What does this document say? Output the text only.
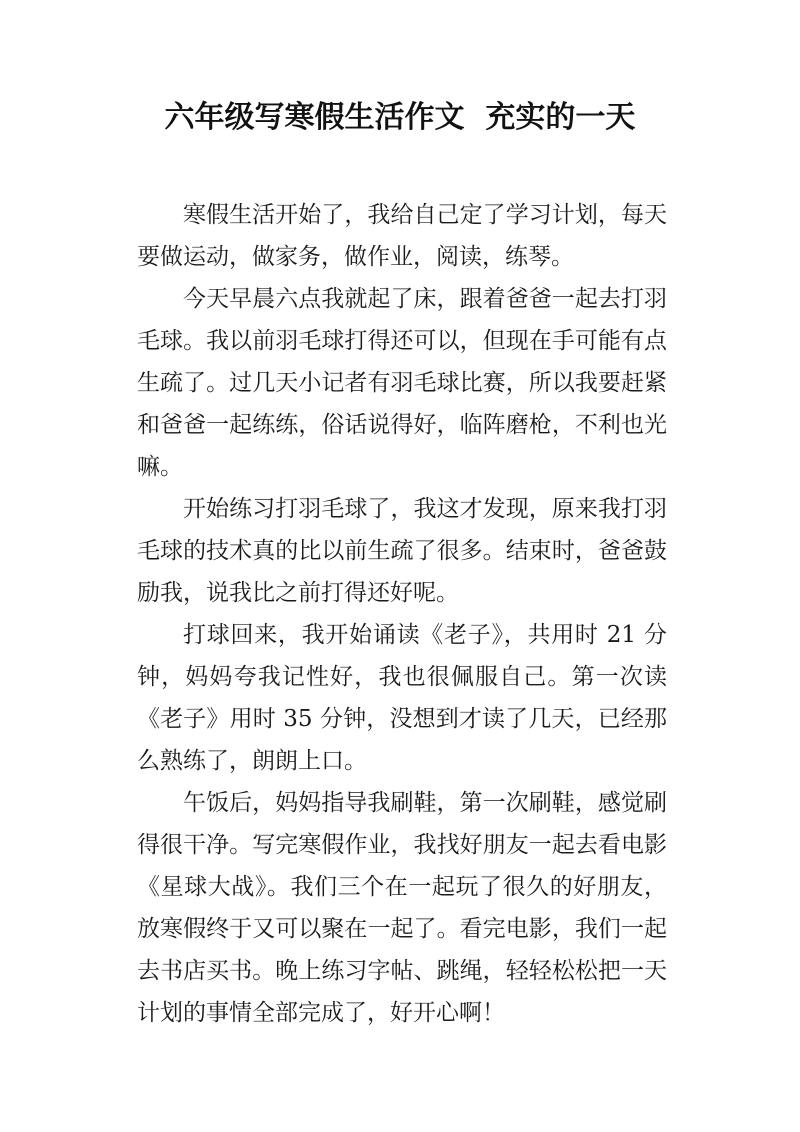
六年级写寒假生活作文  充实的一天

寒假生活开始了，我给自己定了学习计划，每天要做运动，做家务，做作业，阅读，练琴。

今天早晨六点我就起了床，跟着爸爸一起去打羽毛球。我以前羽毛球打得还可以，但现在手可能有点生疏了。过几天小记者有羽毛球比赛，所以我要赶紧和爸爸一起练练，俗话说得好，临阵磨枪，不利也光嘛。

开始练习打羽毛球了，我这才发现，原来我打羽毛球的技术真的比以前生疏了很多。结束时，爸爸鼓励我，说我比之前打得还好呢。

打球回来，我开始诵读《老子》，共用时 21 分钟，妈妈夸我记性好，我也很佩服自己。第一次读《老子》用时 35 分钟，没想到才读了几天，已经那么熟练了，朗朗上口。

午饭后，妈妈指导我刷鞋，第一次刷鞋，感觉刷得很干净。写完寒假作业，我找好朋友一起去看电影《星球大战》。我们三个在一起玩了很久的好朋友，放寒假终于又可以聚在一起了。看完电影，我们一起去书店买书。晚上练习字帖、跳绳，轻轻松松把一天计划的事情全部完成了，好开心啊！
